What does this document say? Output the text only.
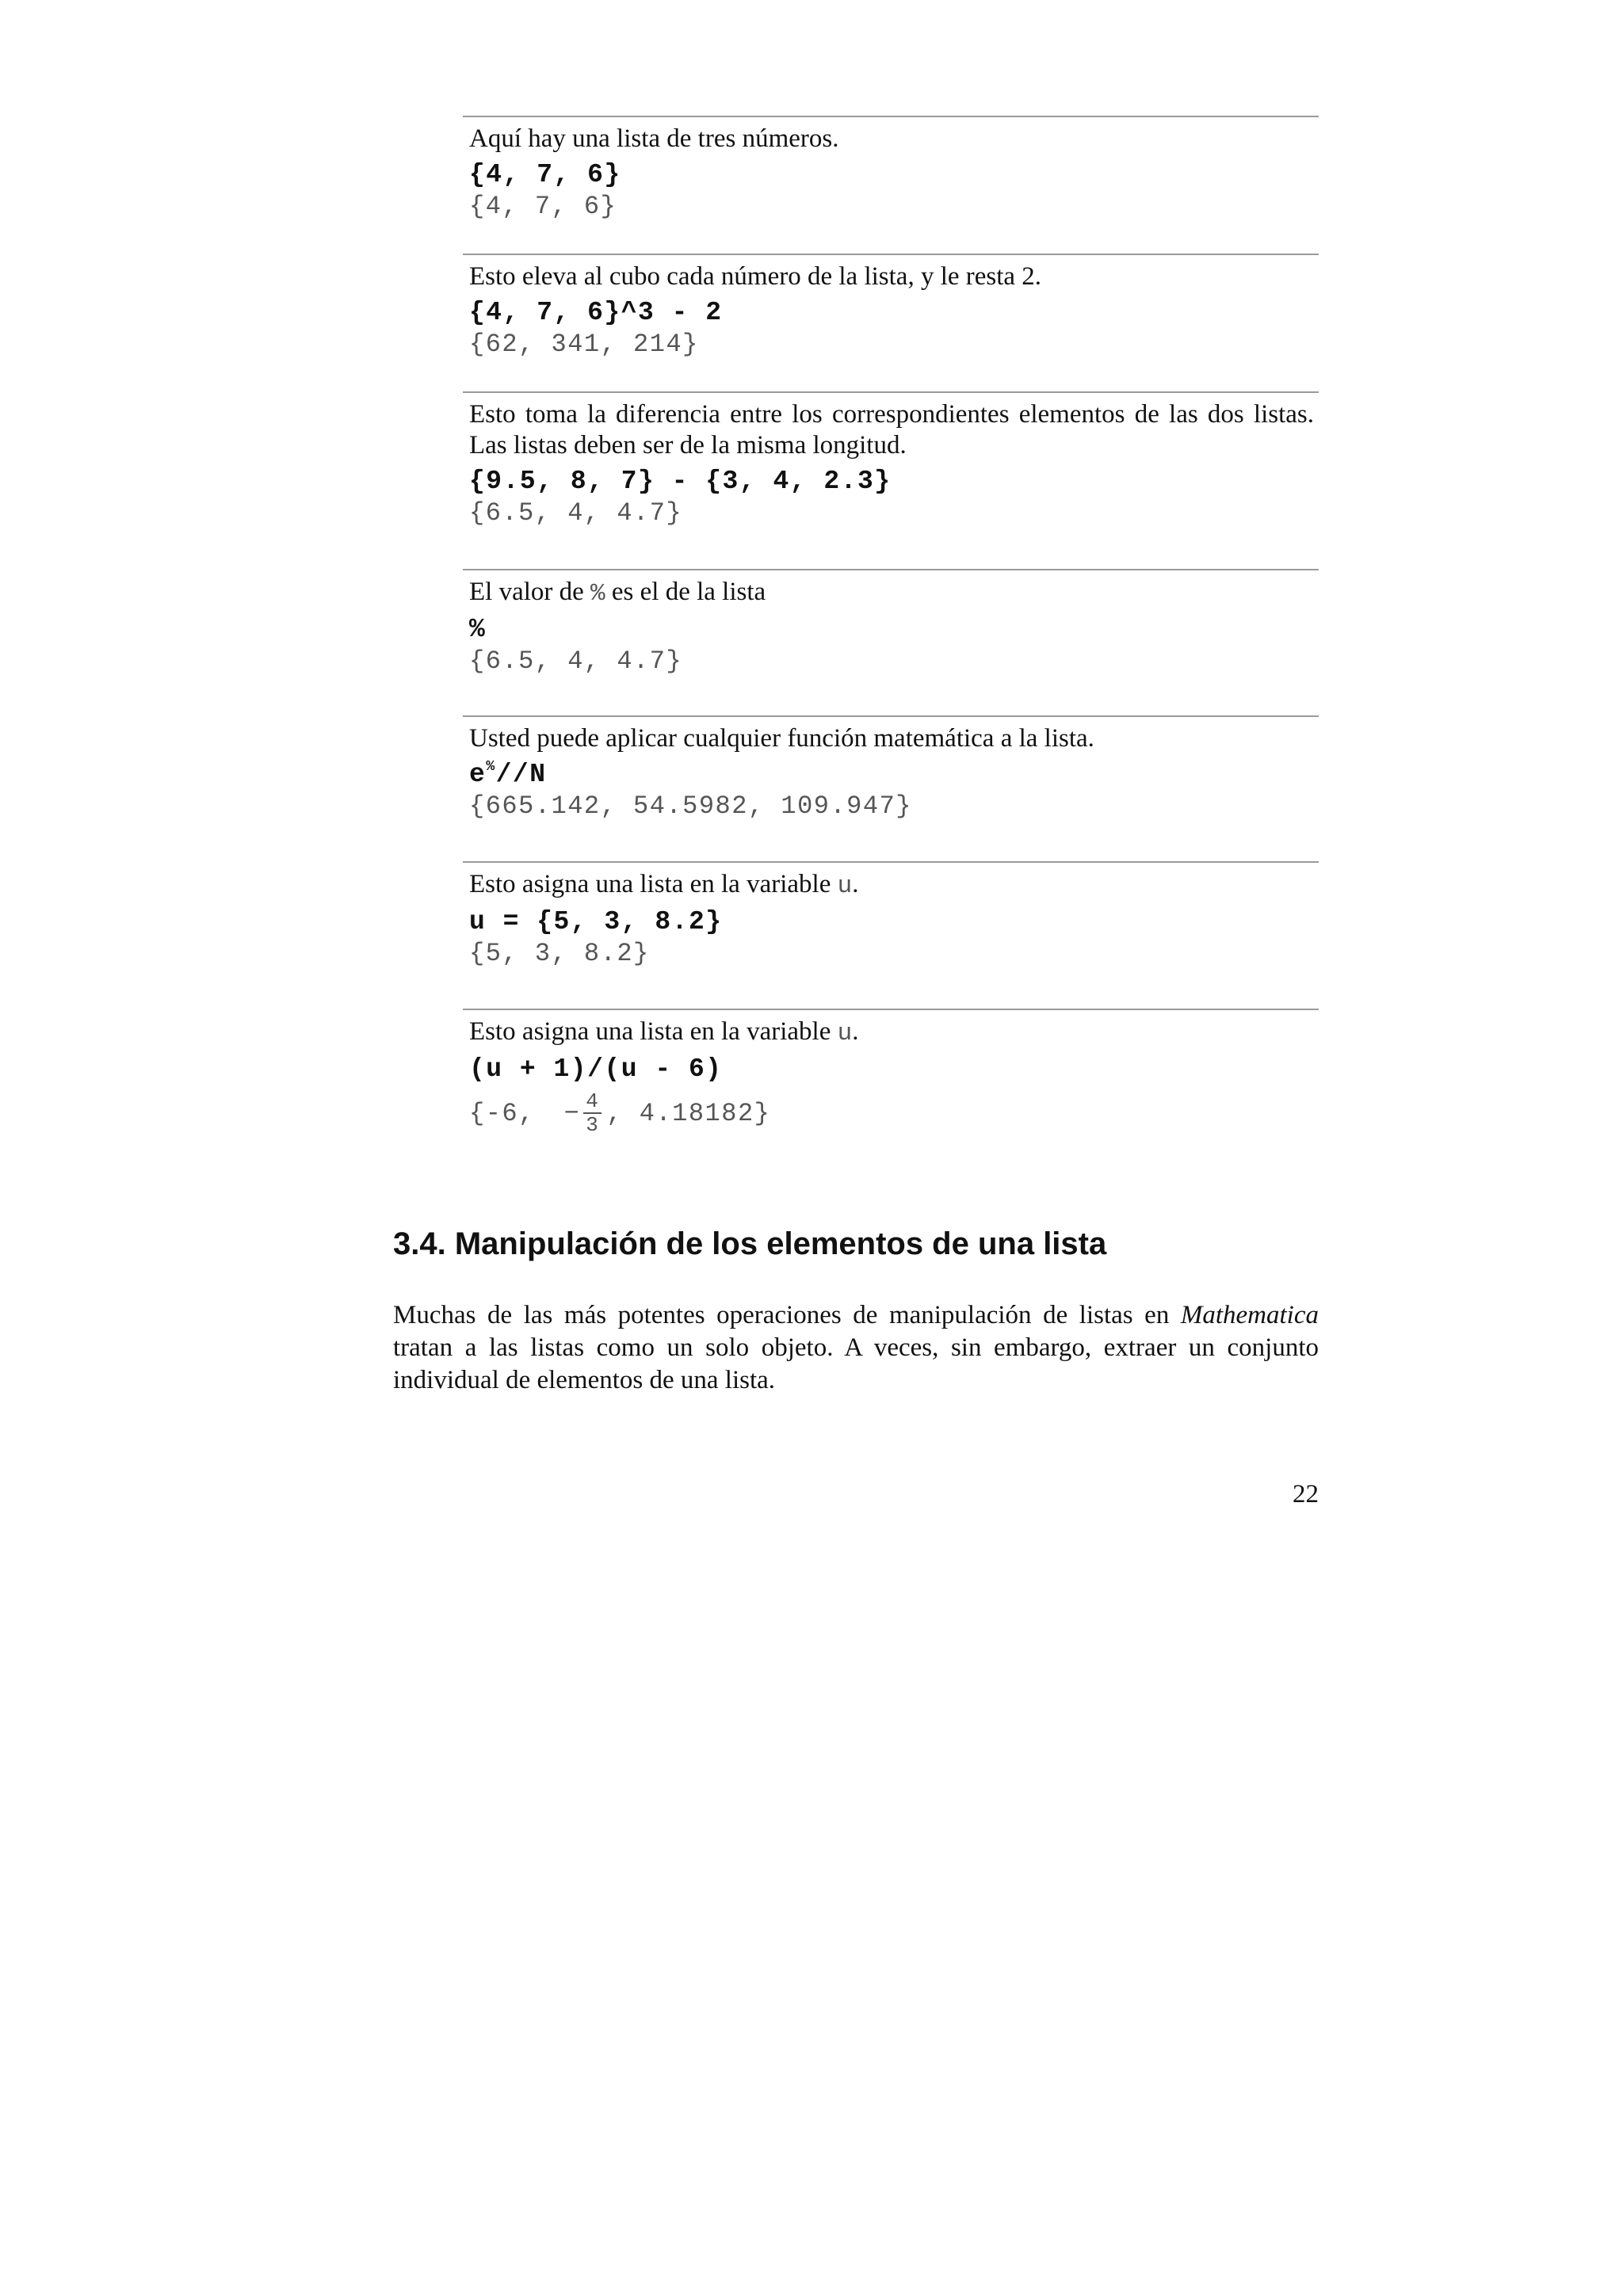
Aquí hay una lista de tres números.
{4, 7, 6}
{4, 7, 6}
Esto eleva al cubo cada número de la lista, y le resta 2.
{4, 7, 6}^3 - 2
{62, 341, 214}
Esto toma la diferencia entre los correspondientes elementos de las dos listas. Las listas deben ser de la misma longitud.
{9.5, 8, 7} - {3, 4, 2.3}
{6.5, 4, 4.7}
El valor de % es el de la lista
%
{6.5, 4, 4.7}
Usted puede aplicar cualquier función matemática a la lista.
e%//N
{665.142, 54.5982, 109.947}
Esto asigna una lista en la variable u.
u = {5, 3, 8.2}
{5, 3, 8.2}
Esto asigna una lista en la variable u.
(u + 1)/(u - 6)
{-6, − $\frac{4}{3}$ , 4.18182}
3.4. Manipulación de los elementos de una lista
Muchas de las más potentes operaciones de manipulación de listas en Mathematica tratan a las listas como un solo objeto. A veces, sin embargo, extraer un conjunto individual de elementos de una lista.
22
